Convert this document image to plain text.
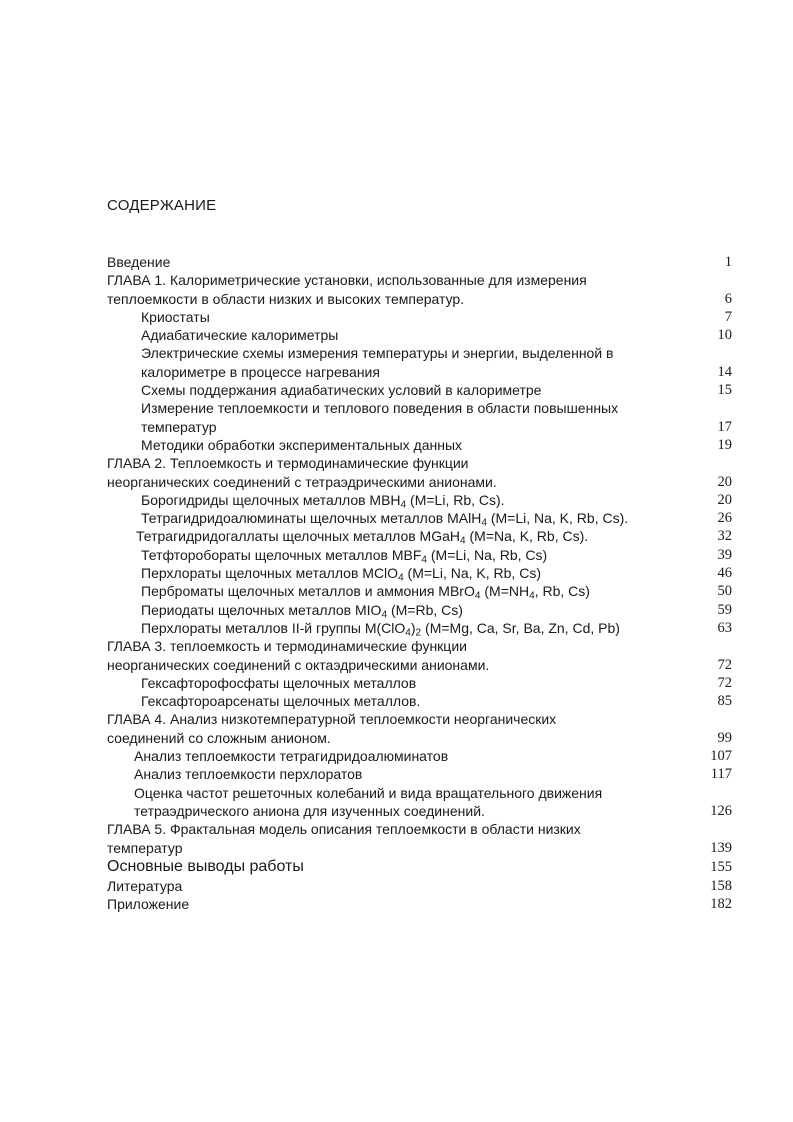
СОДЕРЖАНИЕ
Введение	1
ГЛАВА 1. Калориметрические установки, использованные для измерения теплоемкости в области низких и высоких температур.	6
Криостаты	7
Адиабатические калориметры	10
Электрические схемы измерения температуры и энергии, выделенной в калориметре в процессе нагревания	14
Схемы поддержания адиабатических условий в калориметре	15
Измерение теплоемкости и теплового поведения в области повышенных температур	17
Методики обработки экспериментальных данных	19
ГЛАВА 2. Теплоемкость и термодинамические функции неорганических соединений с тетраэдрическими анионами.	20
Борогидриды щелочных металлов $MBH_4$ (M=Li, Rb, Cs).	20
Тетрагидридоалюминаты щелочных металлов MAlH$_4$ (M=Li, Na, K, Rb, Cs).	26
Тетрагидридогаллаты щелочных металлов MGaH$_4$ (M=Na, K, Rb, Cs).	32
Тетфторобораты щелочных металлов $MBF_4$ (M=Li, Na, Rb, Cs)	39
Перхлораты щелочных металлов MClO$_4$ (M=Li, Na, K, Rb, Cs)	46
Перброматы щелочных металлов и аммония MBrO$_4$ ($M=NH_4$, Rb, Cs)	50
Периодаты щелочных металлов $MIO_4$ (M=Rb, Cs)	59
Перхлораты металлов II-й группы $M(ClO_4)_2$ (M=Mg, Ca, Sr, Ba, Zn, Cd, Pb)	63
ГЛАВА 3. теплоемкость и термодинамические функции неорганических соединений с октаэдрическими анионами.	72
Гексафторофосфаты щелочных металлов	72
Гексафтороарсенаты щелочных металлов.	85
ГЛАВА 4. Анализ низкотемпературной теплоемкости неорганических соединений со сложным анионом.	99
Анализ теплоемкости тетрагидридоалюминатов	107
Анализ теплоемкости перхлоратов	117
Оценка частот решеточных колебаний и вида вращательного движения тетраэдрического аниона для изученных соединений.	126
ГЛАВА 5. Фрактальная модель описания теплоемкости в области низких температур	139
Основные выводы работы	155
Литература	158
Приложение	182
